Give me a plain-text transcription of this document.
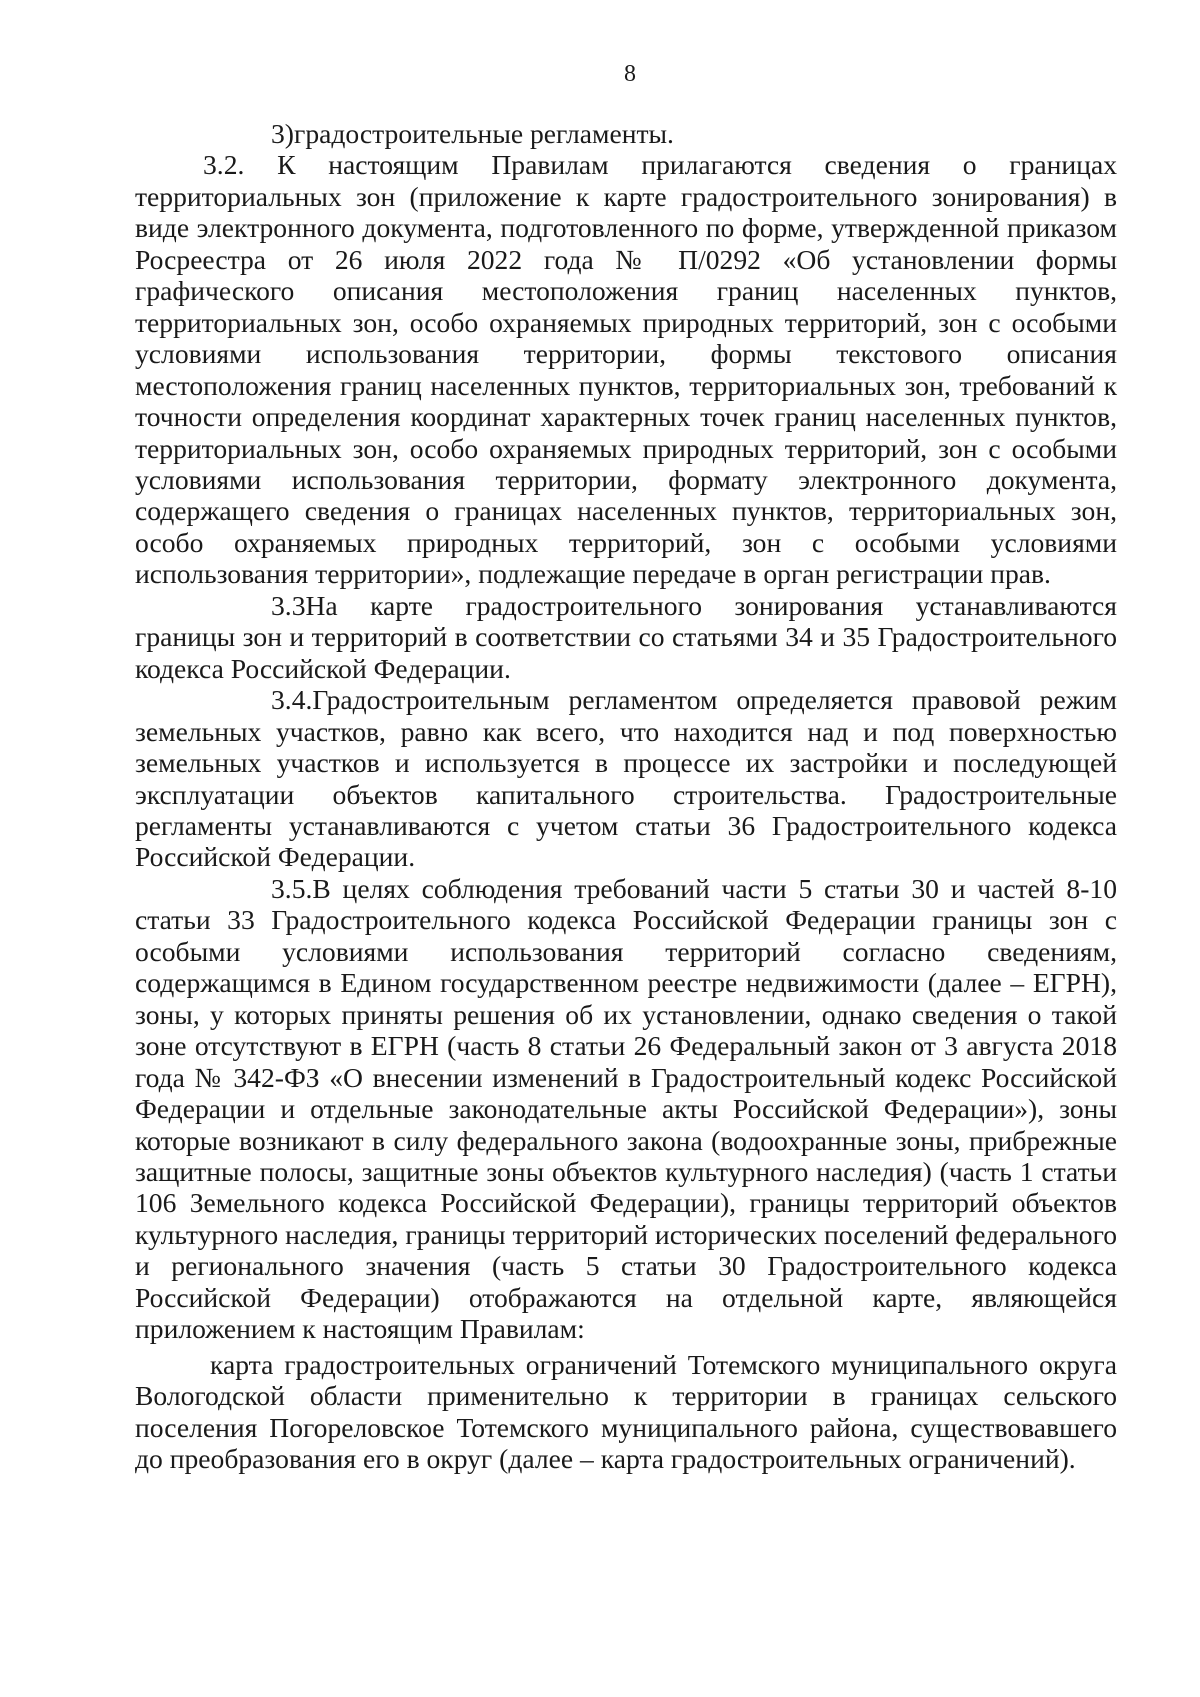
8

3)градостроительные регламенты.

3.2. К настоящим Правилам прилагаются сведения о границах территориальных зон (приложение к карте градостроительного зонирования) в виде электронного документа, подготовленного по форме, утвержденной приказом Росреестра от 26 июля 2022 года № П/0292 «Об установлении формы графического описания местоположения границ населенных пунктов, территориальных зон, особо охраняемых природных территорий, зон с особыми условиями использования территории, формы текстового описания местоположения границ населенных пунктов, территориальных зон, требований к точности определения координат характерных точек границ населенных пунктов, территориальных зон, особо охраняемых природных территорий, зон с особыми условиями использования территории, формату электронного документа, содержащего сведения о границах населенных пунктов, территориальных зон, особо охраняемых природных территорий, зон с особыми условиями использования территории», подлежащие передаче в орган регистрации прав.

3.3На карте градостроительного зонирования устанавливаются границы зон и территорий в соответствии со статьями 34 и 35 Градостроительного кодекса Российской Федерации.

3.4.Градостроительным регламентом определяется правовой режим земельных участков, равно как всего, что находится над и под поверхностью земельных участков и используется в процессе их застройки и последующей эксплуатации объектов капитального строительства. Градостроительные регламенты устанавливаются с учетом статьи 36 Градостроительного кодекса Российской Федерации.

3.5.В целях соблюдения требований части 5 статьи 30 и частей 8-10 статьи 33 Градостроительного кодекса Российской Федерации границы зон с особыми условиями использования территорий согласно сведениям, содержащимся в Едином государственном реестре недвижимости (далее – ЕГРН), зоны, у которых приняты решения об их установлении, однако сведения о такой зоне отсутствуют в ЕГРН (часть 8 статьи 26 Федеральный закон от 3 августа 2018 года № 342-ФЗ «О внесении изменений в Градостроительный кодекс Российской Федерации и отдельные законодательные акты Российской Федерации»), зоны которые возникают в силу федерального закона (водоохранные зоны, прибрежные защитные полосы, защитные зоны объектов культурного наследия) (часть 1 статьи 106 Земельного кодекса Российской Федерации), границы территорий объектов культурного наследия, границы территорий исторических поселений федерального и регионального значения (часть 5 статьи 30 Градостроительного кодекса Российской Федерации) отображаются на отдельной карте, являющейся приложением к настоящим Правилам:

карта градостроительных ограничений Тотемского муниципального округа Вологодской области применительно к территории в границах сельского поселения Погореловское Тотемского муниципального района, существовавшего до преобразования его в округ (далее – карта градостроительных ограничений).
